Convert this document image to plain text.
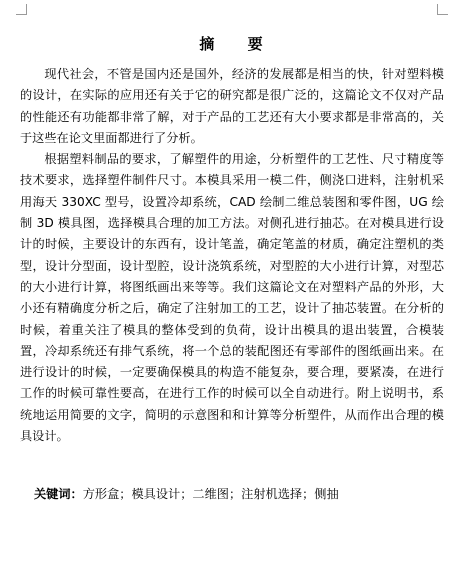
摘 要

现代社会，不管是国内还是国外，经济的发展都是相当的快，针对塑料模的设计，在实际的应用还有关于它的研究都是很广泛的，这篇论文不仅对产品的性能还有功能都非常了解，对于产品的工艺还有大小要求都是非常高的，关于这些在论文里面都进行了分析。

根据塑料制品的要求，了解塑件的用途，分析塑件的工艺性、尺寸精度等技术要求，选择塑件制件尺寸。本模具采用一模二件，侧浇口进料，注射机采用海天 330XC 型号，设置冷却系统，CAD 绘制二维总装图和零件图，UG 绘制 3D 模具图，选择模具合理的加工方法。对侧孔进行抽芯。在对模具进行设计的时候，主要设计的东西有，设计笔盖，确定笔盖的材质，确定注塑机的类型，设计分型面，设计型腔，设计浇筑系统，对型腔的大小进行计算，对型芯的大小进行计算，将图纸画出来等等。我们这篇论文在对塑料产品的外形，大小还有精确度分析之后，确定了注射加工的工艺，设计了抽芯装置。在分析的时候，着重关注了模具的整体受到的负荷，设计出模具的退出装置，合模装置，冷却系统还有排气系统，将一个总的装配图还有零部件的图纸画出来。在进行设计的时候，一定要确保模具的构造不能复杂，要合理，要紧凑，在进行工作的时候可靠性要高，在进行工作的时候可以全自动进行。附上说明书，系统地运用简要的文字，简明的示意图和和计算等分析塑件，从而作出合理的模具设计。

关键词：方形盒；模具设计；二维图；注射机选择；侧抽
